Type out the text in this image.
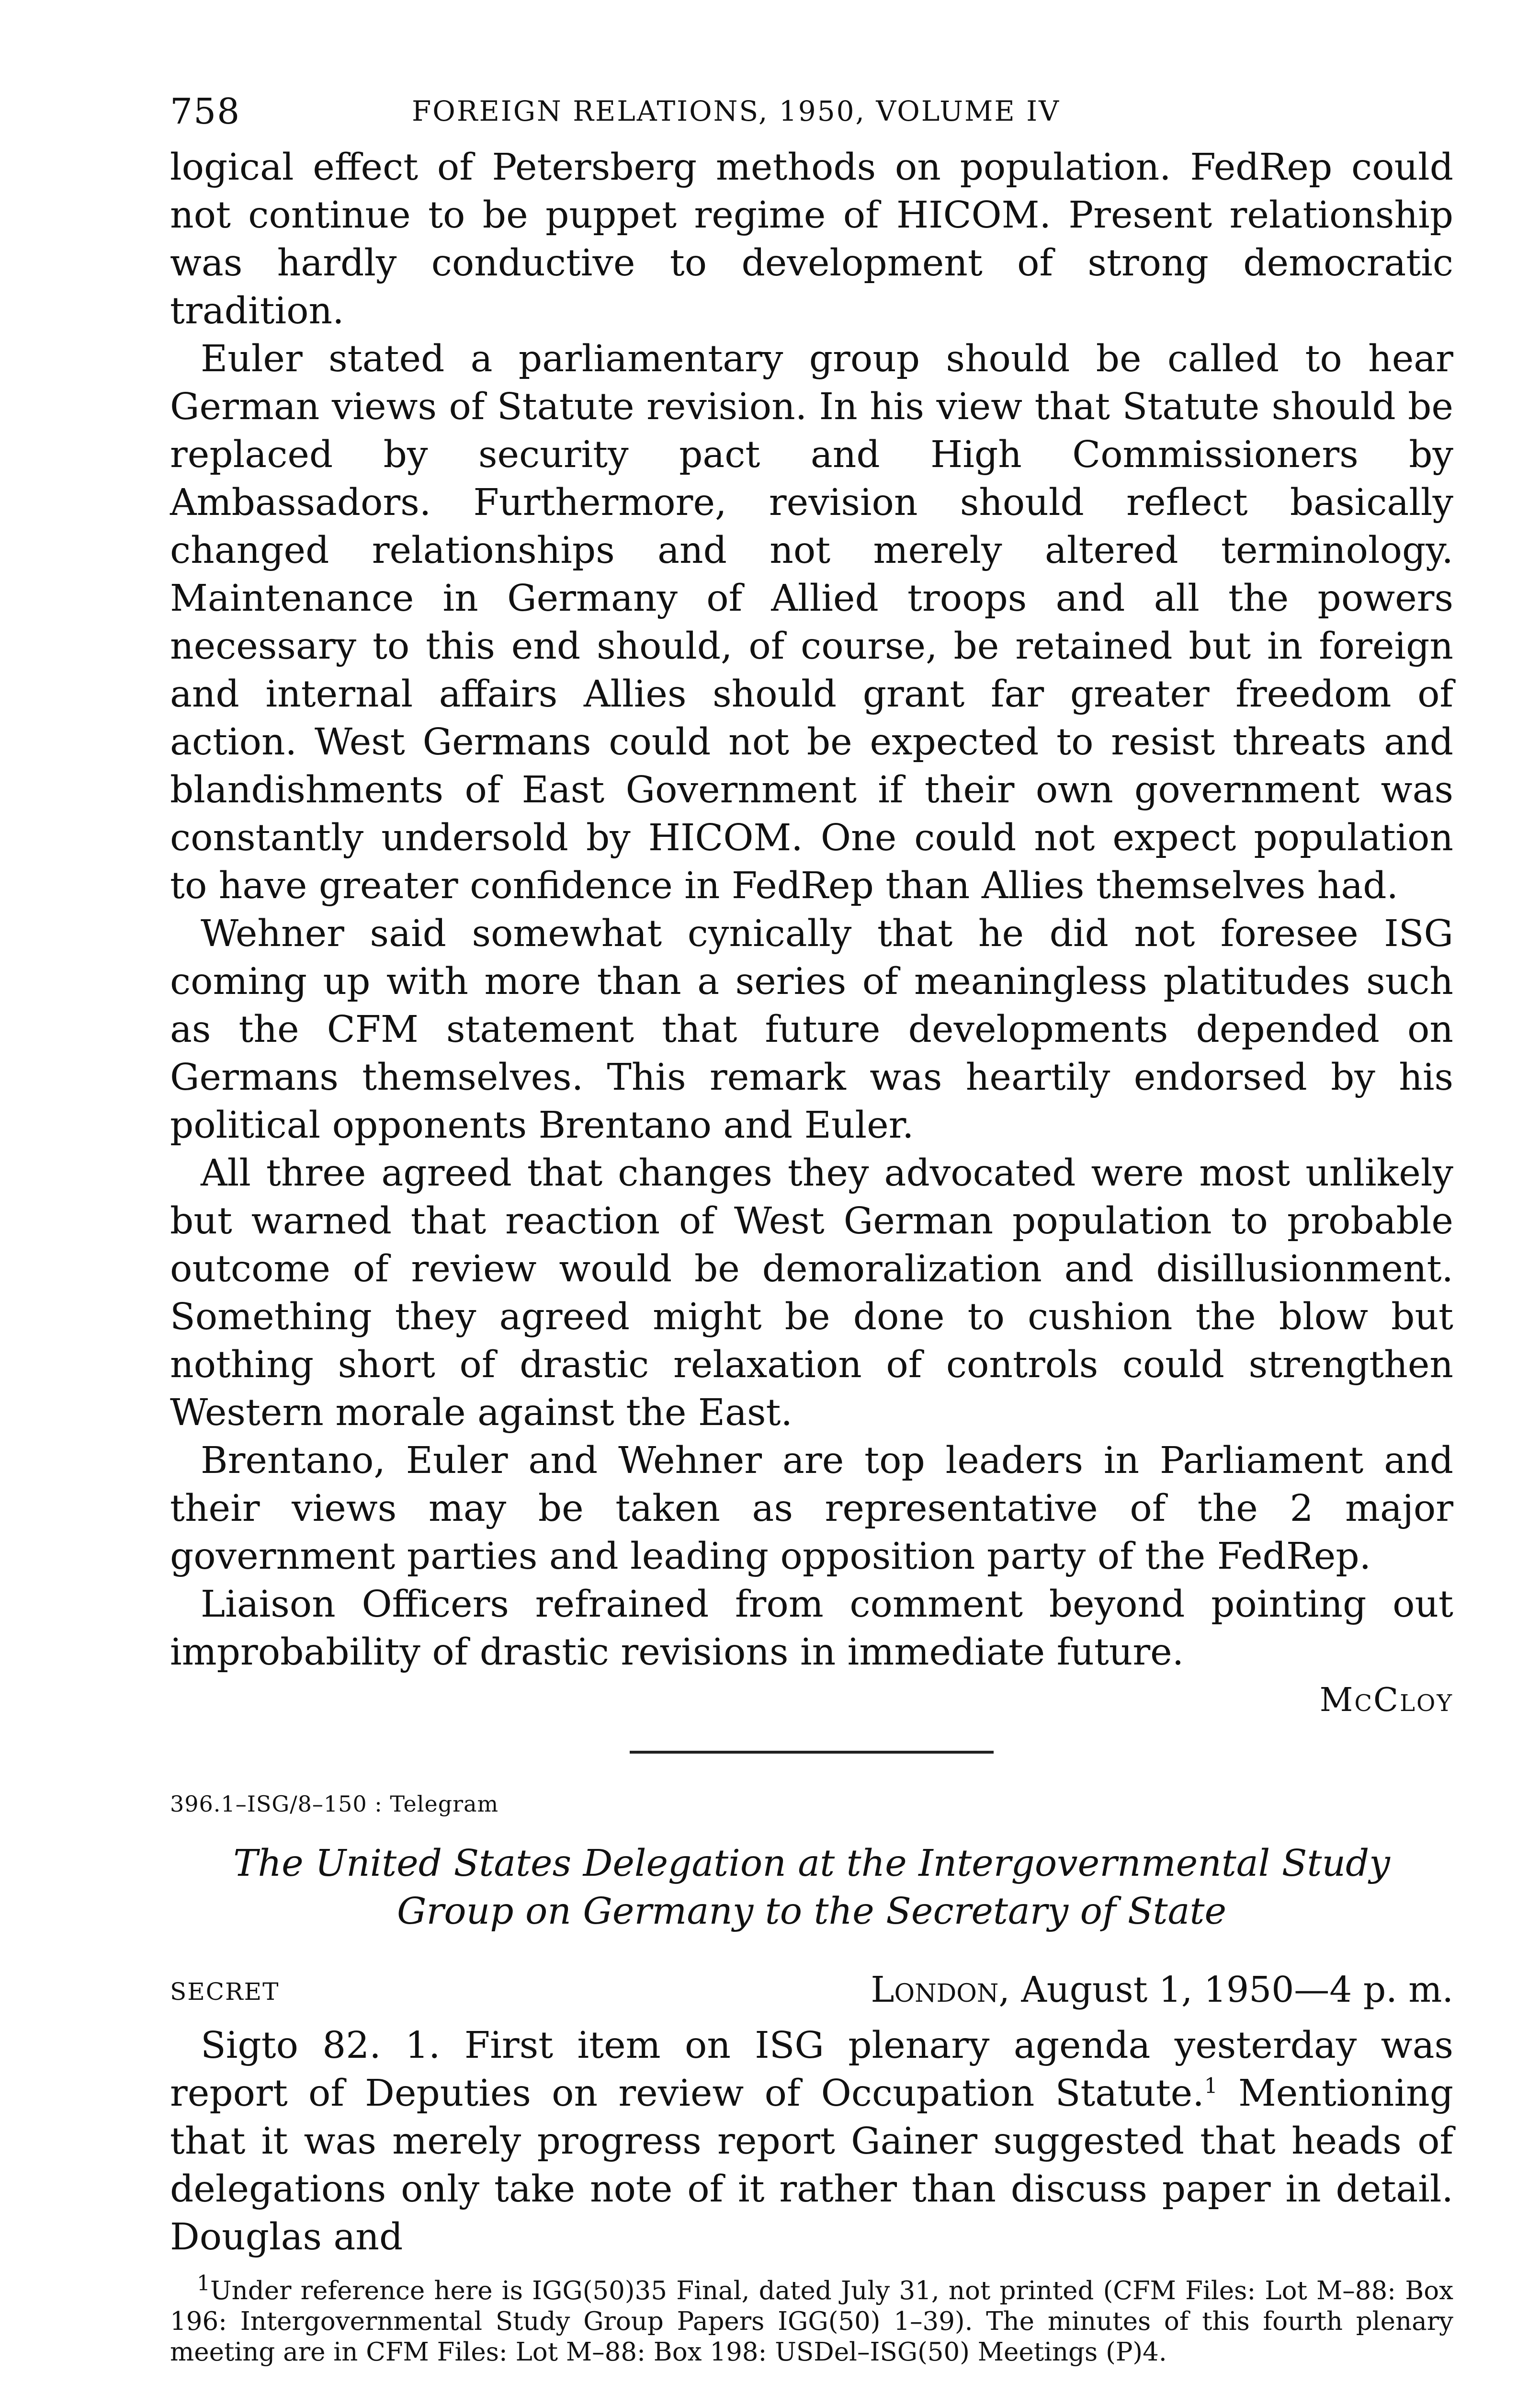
758	FOREIGN RELATIONS, 1950, VOLUME IV

logical effect of Petersberg methods on population. FedRep could not continue to be puppet regime of HICOM. Present relationship was hardly conductive to development of strong democratic tradition.

Euler stated a parliamentary group should be called to hear German views of Statute revision. In his view that Statute should be replaced by security pact and High Commissioners by Ambassadors. Furthermore, revision should reflect basically changed relationships and not merely altered terminology. Maintenance in Germany of Allied troops and all the powers necessary to this end should, of course, be retained but in foreign and internal affairs Allies should grant far greater freedom of action. West Germans could not be expected to resist threats and blandishments of East Government if their own government was constantly undersold by HICOM. One could not expect population to have greater confidence in FedRep than Allies themselves had.

Wehner said somewhat cynically that he did not foresee ISG coming up with more than a series of meaningless platitudes such as the CFM statement that future developments depended on Germans themselves. This remark was heartily endorsed by his political opponents Brentano and Euler.

All three agreed that changes they advocated were most unlikely but warned that reaction of West German population to probable outcome of review would be demoralization and disillusionment. Something they agreed might be done to cushion the blow but nothing short of drastic relaxation of controls could strengthen Western morale against the East.

Brentano, Euler and Wehner are top leaders in Parliament and their views may be taken as representative of the 2 major government parties and leading opposition party of the FedRep.

Liaison Officers refrained from comment beyond pointing out improbability of drastic revisions in immediate future.

McCloy
396.1–ISG/8–150 : Telegram

The United States Delegation at the Intergovernmental Study Group on Germany to the Secretary of State

SECRET	London, August 1, 1950—4 p. m.

Sigto 82. 1. First item on ISG plenary agenda yesterday was report of Deputies on review of Occupation Statute.$^1$ Mentioning that it was merely progress report Gainer suggested that heads of delegations only take note of it rather than discuss paper in detail. Douglas and

$^1$Under reference here is IGG(50)35 Final, dated July 31, not printed (CFM Files: Lot M–88: Box 196: Intergovernmental Study Group Papers IGG(50) 1–39). The minutes of this fourth plenary meeting are in CFM Files: Lot M–88: Box 198: USDel–ISG(50) Meetings (P)4.
